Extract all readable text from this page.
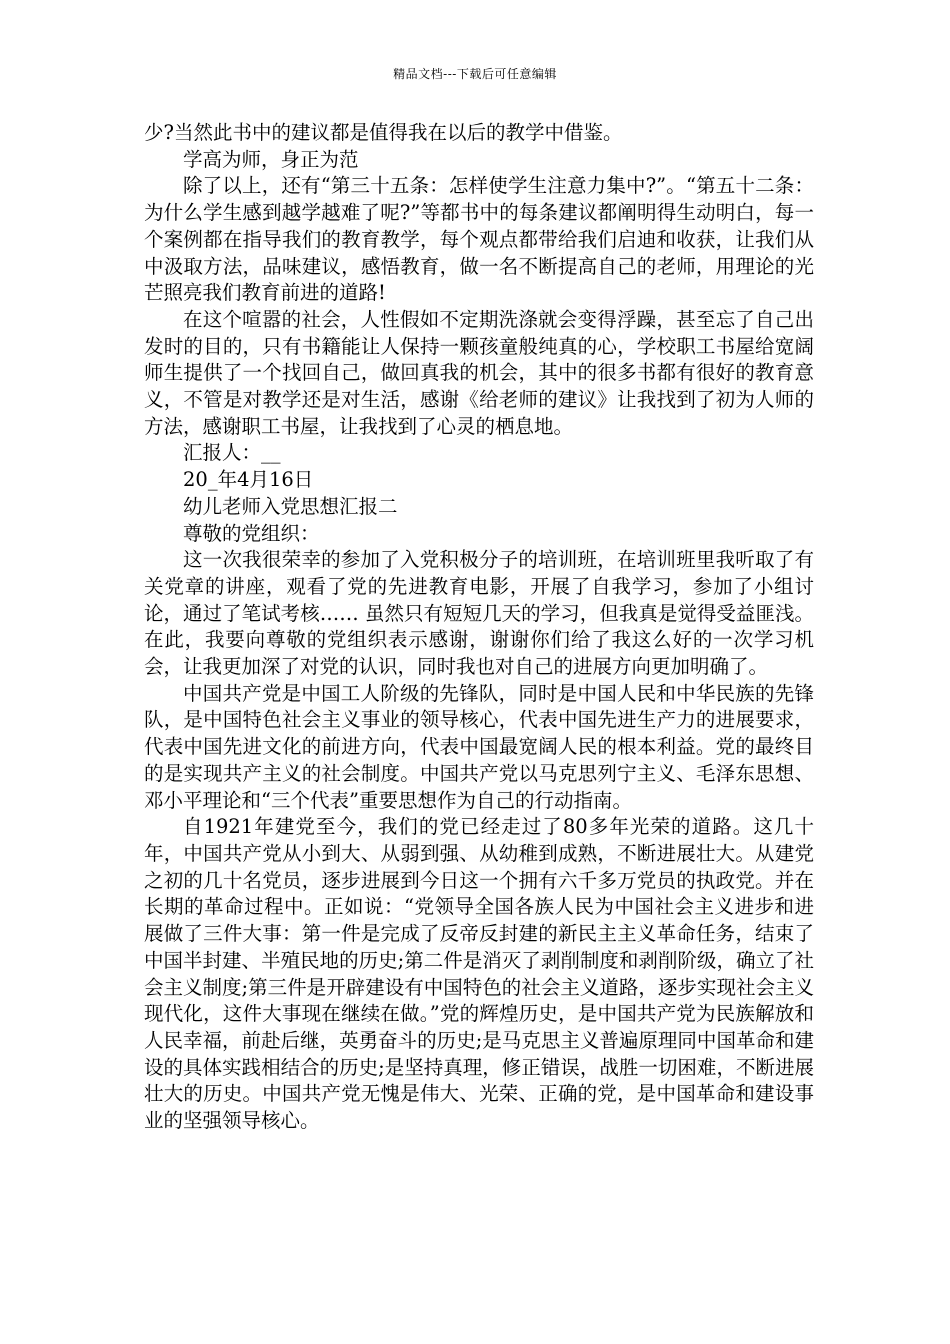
精品文档---下载后可任意编辑

少?当然此书中的建议都是值得我在以后的教学中借鉴。

学高为师，身正为范

除了以上，还有“第三十五条：怎样使学生注意力集中?”。“第五十二条：为什么学生感到越学越难了呢?”等都书中的每条建议都阐明得生动明白，每一个案例都在指导我们的教育教学，每个观点都带给我们启迪和收获，让我们从中汲取方法，品味建议，感悟教育，做一名不断提高自己的老师，用理论的光芒照亮我们教育前进的道路!

在这个喧嚣的社会，人性假如不定期洗涤就会变得浮躁，甚至忘了自己出发时的目的，只有书籍能让人保持一颗孩童般纯真的心，学校职工书屋给宽阔师生提供了一个找回自己，做回真我的机会，其中的很多书都有很好的教育意义，不管是对教学还是对生活，感谢《给老师的建议》让我找到了初为人师的方法，感谢职工书屋，让我找到了心灵的栖息地。

汇报人：__

20_年4月16日

幼儿老师入党思想汇报二

尊敬的党组织：

这一次我很荣幸的参加了入党积极分子的培训班，在培训班里我听取了有关党章的讲座，观看了党的先进教育电影，开展了自我学习，参加了小组讨论，通过了笔试考核…… 虽然只有短短几天的学习，但我真是觉得受益匪浅。在此，我要向尊敬的党组织表示感谢，谢谢你们给了我这么好的一次学习机会，让我更加深了对党的认识，同时我也对自己的进展方向更加明确了。

中国共产党是中国工人阶级的先锋队，同时是中国人民和中华民族的先锋队，是中国特色社会主义事业的领导核心，代表中国先进生产力的进展要求，代表中国先进文化的前进方向，代表中国最宽阔人民的根本利益。党的最终目的是实现共产主义的社会制度。中国共产党以马克思列宁主义、毛泽东思想、邓小平理论和“三个代表”重要思想作为自己的行动指南。

自1921年建党至今，我们的党已经走过了80多年光荣的道路。这几十年，中国共产党从小到大、从弱到强、从幼稚到成熟，不断进展壮大。从建党之初的几十名党员，逐步进展到今日这一个拥有六千多万党员的执政党。并在长期的革命过程中。正如说：“党领导全国各族人民为中国社会主义进步和进展做了三件大事：第一件是完成了反帝反封建的新民主主义革命任务，结束了中国半封建、半殖民地的历史;第二件是消灭了剥削制度和剥削阶级，确立了社会主义制度;第三件是开辟建设有中国特色的社会主义道路，逐步实现社会主义现代化，这件大事现在继续在做。”党的辉煌历史，是中国共产党为民族解放和人民幸福，前赴后继，英勇奋斗的历史;是马克思主义普遍原理同中国革命和建设的具体实践相结合的历史;是坚持真理，修正错误，战胜一切困难，不断进展壮大的历史。中国共产党无愧是伟大、光荣、正确的党，是中国革命和建设事业的坚强领导核心。
